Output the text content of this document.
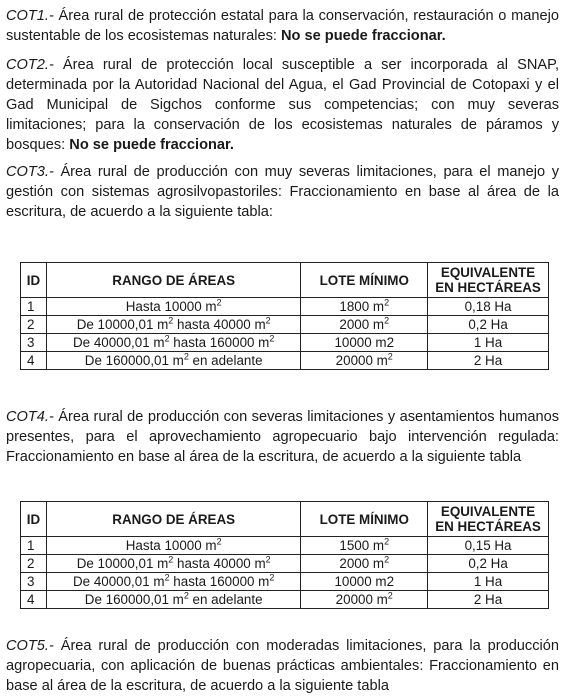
COT1.- Área rural de protección estatal para la conservación, restauración o manejo sustentable de los ecosistemas naturales: No se puede fraccionar.

COT2.- Área rural de protección local susceptible a ser incorporada al SNAP, determinada por la Autoridad Nacional del Agua, el Gad Provincial de Cotopaxi y el Gad Municipal de Sigchos conforme sus competencias; con muy severas limitaciones; para la conservación de los ecosistemas naturales de páramos y bosques: No se puede fraccionar.

COT3.- Área rural de producción con muy severas limitaciones, para el manejo y gestión con sistemas agrosilvopastoriles: Fraccionamiento en base al área de la escritura, de acuerdo a la siguiente tabla:

ID	RANGO DE ÁREAS	LOTE MÍNIMO	EQUIVALENTE
EN HECTÁREAS
1	Hasta 10000 $m^2$	1800 $m^2$	0,18 Ha
2	De 10000,01 $m^2$ hasta 40000 $m^2$	2000 $m^2$	0,2 Ha
3	De 40000,01 $m^2$ hasta 160000 $m^2$	10000 m2	1 Ha
4	De 160000,01 $m^2$ en adelante	20000 $m^2$	2 Ha

COT4.- Área rural de producción con severas limitaciones y asentamientos humanos presentes, para el aprovechamiento agropecuario bajo intervención regulada: Fraccionamiento en base al área de la escritura, de acuerdo a la siguiente tabla

ID	RANGO DE ÁREAS	LOTE MÍNIMO	EQUIVALENTE
EN HECTÁREAS
1	Hasta 10000 $m^2$	1500 $m^2$	0,15 Ha
2	De 10000,01 $m^2$ hasta 40000 $m^2$	2000 $m^2$	0,2 Ha
3	De 40000,01 $m^2$ hasta 160000 $m^2$	10000 m2	1 Ha
4	De 160000,01 $m^2$ en adelante	20000 $m^2$	2 Ha

COT5.- Área rural de producción con moderadas limitaciones, para la producción agropecuaria, con aplicación de buenas prácticas ambientales: Fraccionamiento en base al área de la escritura, de acuerdo a la siguiente tabla
